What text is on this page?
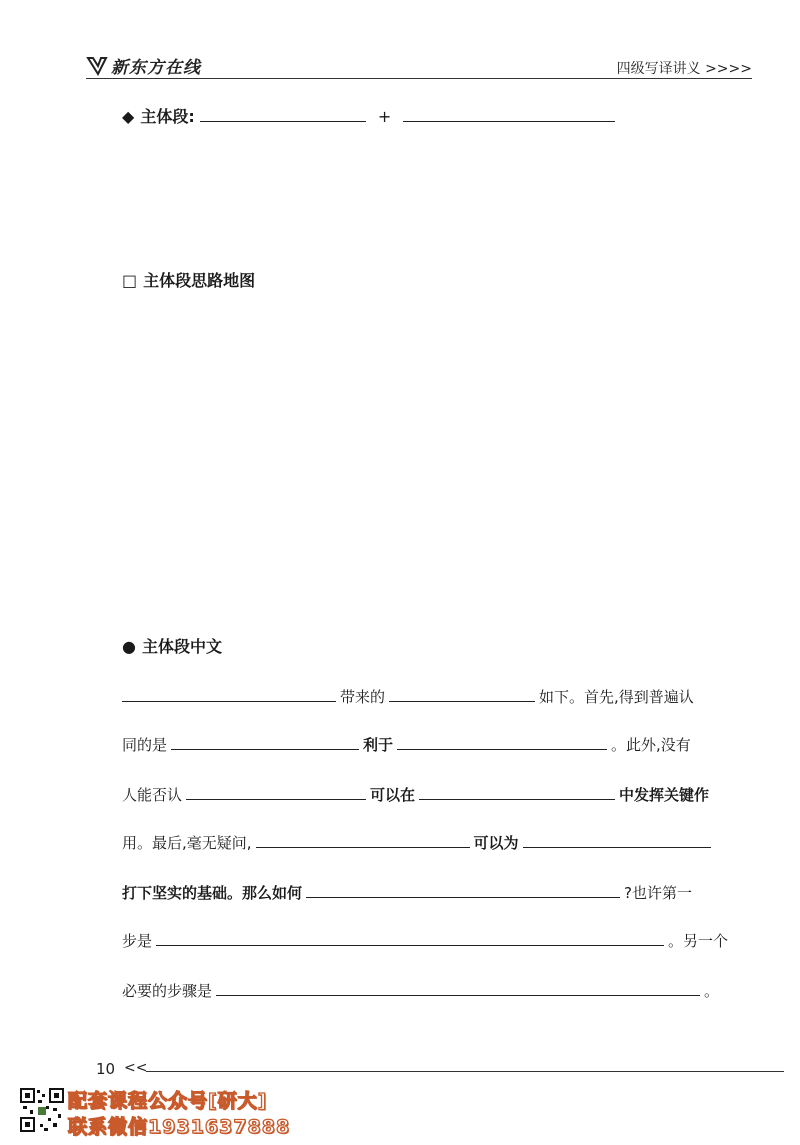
新东方在线	四级写译讲义 >>>>
◆ 主体段:	+
□ 主体段思路地图
● 主体段中文
带来的	如下。首先,得到普遍认
同的是	利于	。此外,没有
人能否认	可以在	中发挥关键作
用。最后,毫无疑问,	可以为
打下坚实的基础。那么如何	?也许第一
步是	。另一个
必要的步骤是	。
10 <<
配套课程公众号[研大]
联系微信1931637888
